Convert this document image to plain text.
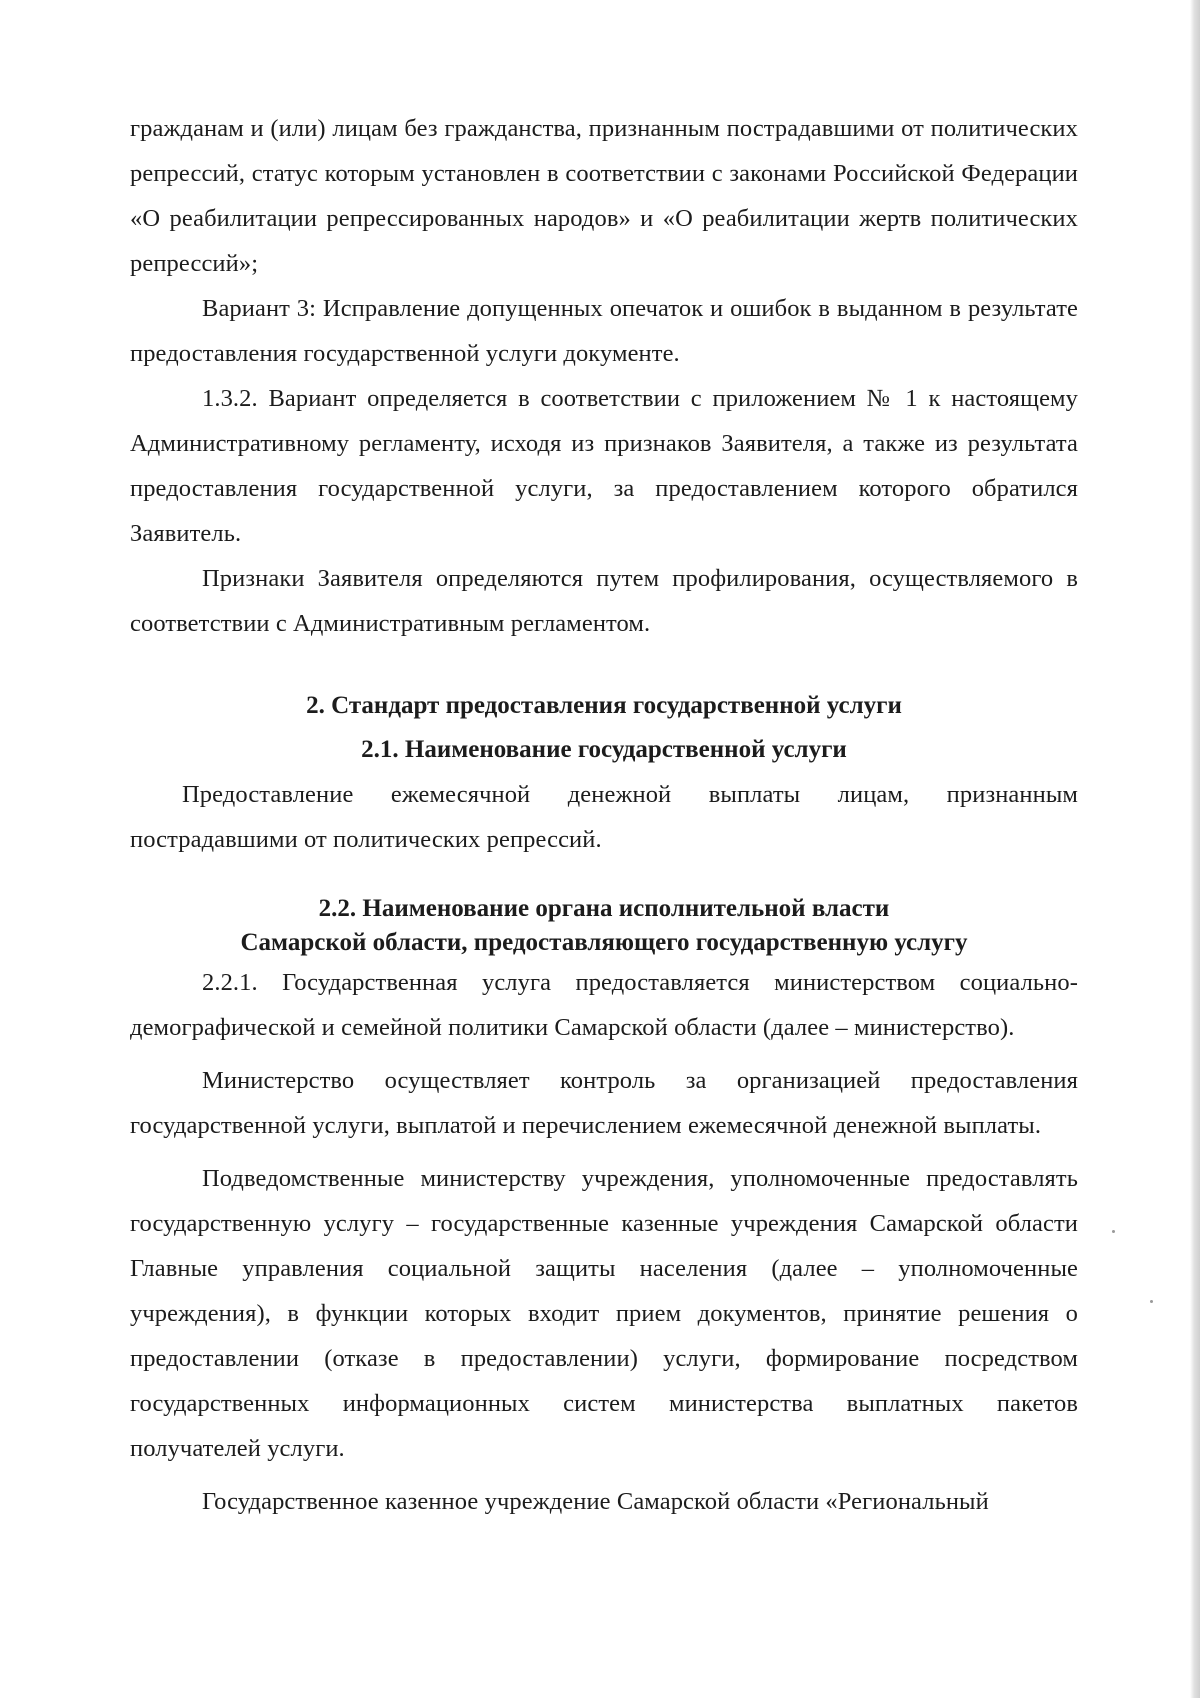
гражданам и (или) лицам без гражданства, признанным пострадавшими от политических репрессий, статус которым установлен в соответствии с законами Российской Федерации «О реабилитации репрессированных народов» и «О реабилитации жертв политических репрессий»;

Вариант 3: Исправление допущенных опечаток и ошибок в выданном в результате предоставления государственной услуги документе.

1.3.2. Вариант определяется в соответствии с приложением № 1 к настоящему Административному регламенту, исходя из признаков Заявителя, а также из результата предоставления государственной услуги, за предоставлением которого обратился Заявитель.

Признаки Заявителя определяются путем профилирования, осуществляемого в соответствии с Административным регламентом.

2. Стандарт предоставления государственной услуги
2.1. Наименование государственной услуги

Предоставление ежемесячной денежной выплаты лицам, признанным пострадавшими от политических репрессий.

2.2. Наименование органа исполнительной власти
Самарской области, предоставляющего государственную услугу

2.2.1. Государственная услуга предоставляется министерством социально-демографической и семейной политики Самарской области (далее – министерство).

Министерство осуществляет контроль за организацией предоставления государственной услуги, выплатой и перечислением ежемесячной денежной выплаты.

Подведомственные министерству учреждения, уполномоченные предоставлять государственную услугу – государственные казенные учреждения Самарской области Главные управления социальной защиты населения (далее – уполномоченные учреждения), в функции которых входит прием документов, принятие решения о предоставлении (отказе в предоставлении) услуги, формирование посредством государственных информационных систем министерства выплатных пакетов получателей услуги.

Государственное казенное учреждение Самарской области «Региональный
